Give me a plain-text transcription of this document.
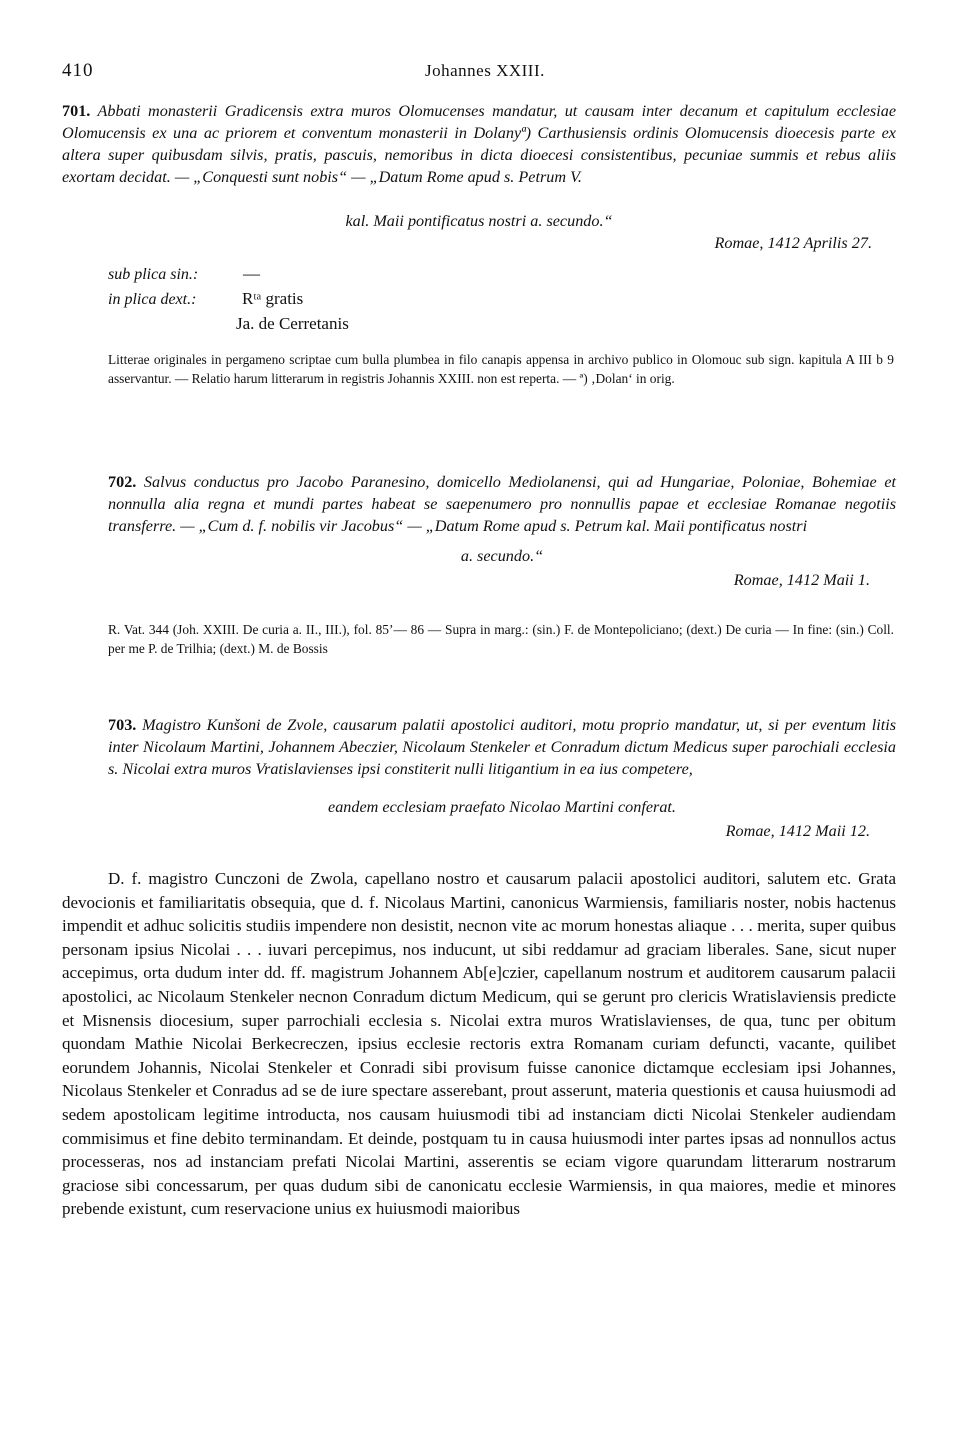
410	Johannes XXIII.
701. Abbati monasterii Gradicensis extra muros Olomucenses mandatur, ut causam inter decanum et capitulum ecclesiae Olomucensis ex una ac priorem et conventum monasterii in Dolanyª) Carthusiensis ordinis Olomucensis dioecesis parte ex altera super quibusdam silvis, pratis, pascuis, nemoribus in dicta dioecesi consistentibus, pecuniae summis et rebus aliis exortam decidat. — „Conquesti sunt nobis“ — „Datum Rome apud s. Petrum V.
kal. Maii pontificatus nostri a. secundo.“
Romae, 1412 Aprilis 27.
sub plica sin.:	—
in plica dext.:	Rᵗᵃ gratis
Ja. de Cerretanis
Litterae originales in pergameno scriptae cum bulla plumbea in filo canapis appensa in archivo publico in Olomouc sub sign. kapitula A III b 9 asservantur. — Relatio harum litterarum in registris Johannis XXIII. non est reperta. — ª) ‚Dolan‘ in orig.
702. Salvus conductus pro Jacobo Paranesino, domicello Mediolanensi, qui ad Hungariae, Poloniae, Bohemiae et nonnulla alia regna et mundi partes habeat se saepenumero pro nonnullis papae et ecclesiae Romanae negotiis transferre. — „Cum d. f. nobilis vir Jacobus“ — „Datum Rome apud s. Petrum kal. Maii pontificatus nostri
a. secundo.“
Romae, 1412 Maii 1.
R. Vat. 344 (Joh. XXIII. De curia a. II., III.), fol. 85’— 86 — Supra in marg.: (sin.) F. de Montepoliciano; (dext.) De curia — In fine: (sin.) Coll. per me P. de Trilhia; (dext.) M. de Bossis
703. Magistro Kunšoni de Zvole, causarum palatii apostolici auditori, motu proprio mandatur, ut, si per eventum litis inter Nicolaum Martini, Johannem Abeczier, Nicolaum Stenkeler et Conradum dictum Medicus super parochiali ecclesia s. Nicolai extra muros Vratislavienses ipsi constiterit nulli litigantium in ea ius competere,
eandem ecclesiam praefato Nicolao Martini conferat.
Romae, 1412 Maii 12.

D. f. magistro Cunczoni de Zwola, capellano nostro et causarum palacii apostolici auditori, salutem etc. Grata devocionis et familiaritatis obsequia, que d. f. Nicolaus Martini, canonicus Warmiensis, familiaris noster, nobis hactenus impendit et adhuc solicitis studiis impendere non desistit, necnon vite ac morum honestas aliaque . . . merita, super quibus personam ipsius Nicolai . . . iuvari percepimus, nos inducunt, ut sibi reddamur ad graciam liberales. Sane, sicut nuper accepimus, orta dudum inter dd. ff. magistrum Johannem Ab[e]czier, capellanum nostrum et auditorem causarum palacii apostolici, ac Nicolaum Stenkeler necnon Conradum dictum Medicum, qui se gerunt pro clericis Wratislaviensis predicte et Misnensis diocesium, super parrochiali ecclesia s. Nicolai extra muros Wratislavienses, de qua, tunc per obitum quondam Mathie Nicolai Berkecreczen, ipsius ecclesie rectoris extra Romanam curiam defuncti, vacante, quilibet eorundem Johannis, Nicolai Stenkeler et Conradi sibi provisum fuisse canonice dictamque ecclesiam ipsi Johannes, Nicolaus Stenkeler et Conradus ad se de iure spectare asserebant, prout asserunt, materia questionis et causa huiusmodi ad sedem apostolicam legitime introducta, nos causam huiusmodi tibi ad instanciam dicti Nicolai Stenkeler audiendam commisimus et fine debito terminandam. Et deinde, postquam tu in causa huiusmodi inter partes ipsas ad nonnullos actus processeras, nos ad instanciam prefati Nicolai Martini, asserentis se eciam vigore quarundam litterarum nostrarum graciose sibi concessarum, per quas dudum sibi de canonicatu ecclesie Warmiensis, in qua maiores, medie et minores prebende existunt, cum reservacione unius ex huiusmodi maioribus
